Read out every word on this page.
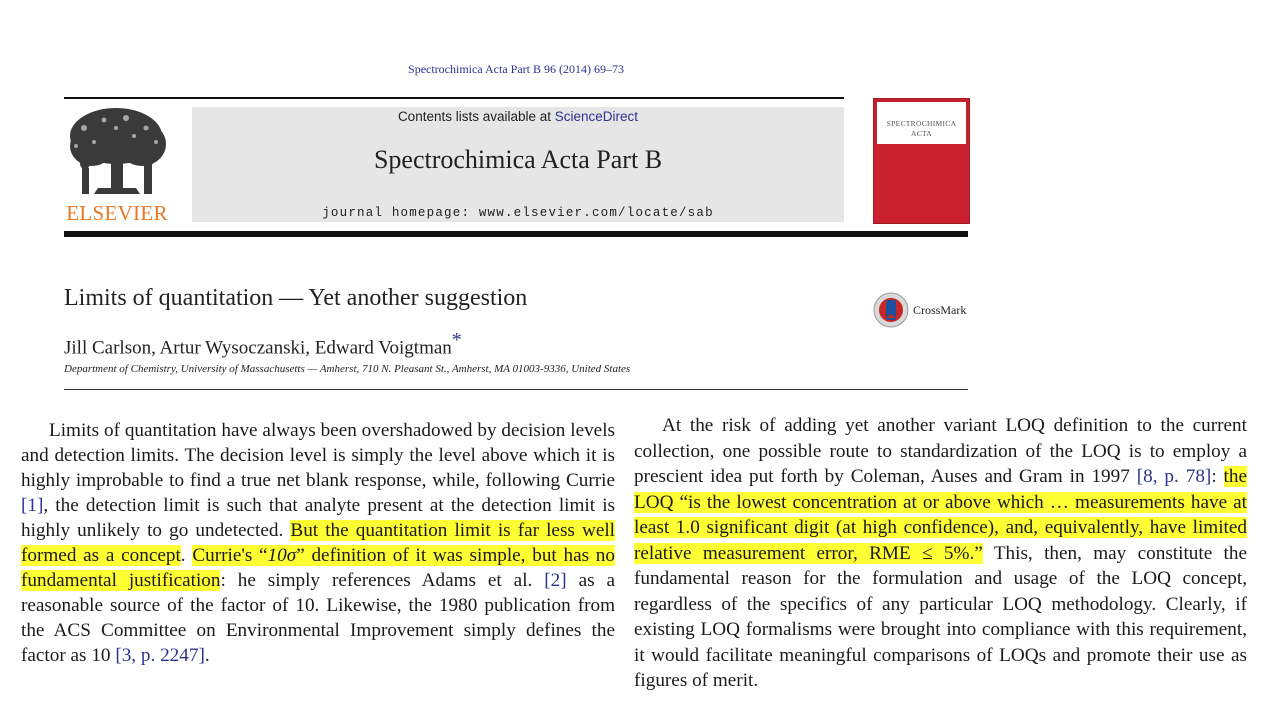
Spectrochimica Acta Part B 96 (2014) 69–73
ELSEVIER
Contents lists available at ScienceDirect
Spectrochimica Acta Part B
journal homepage: www.elsevier.com/locate/sab
SPECTROCHIMICA
ACTA
Limits of quantitation — Yet another suggestion	CrossMark
Jill Carlson, Artur Wysoczanski, Edward Voigtman*
Department of Chemistry, University of Massachusetts — Amherst, 710 N. Pleasant St., Amherst, MA 01003-9336, United States
Limits of quantitation have always been overshadowed by decision levels and detection limits. The decision level is simply the level above which it is highly improbable to find a true net blank response, while, following Currie [1], the detection limit is such that analyte present at the detection limit is highly unlikely to go undetected. But the quantitation limit is far less well formed as a concept. Currie's “10σ” definition of it was simple, but has no fundamental justification: he simply references Adams et al. [2] as a reasonable source of the factor of 10. Likewise, the 1980 publication from the ACS Committee on Environmental Improvement simply defines the factor as 10 [3, p. 2247].
At the risk of adding yet another variant LOQ definition to the current collection, one possible route to standardization of the LOQ is to employ a prescient idea put forth by Coleman, Auses and Gram in 1997 [8, p. 78]: the LOQ “is the lowest concentration at or above which … measurements have at least 1.0 significant digit (at high confidence), and, equivalently, have limited relative measurement error, RME ≤ 5%.” This, then, may constitute the fundamental reason for the formulation and usage of the LOQ concept, regardless of the specifics of any particular LOQ methodology. Clearly, if existing LOQ formalisms were brought into compliance with this requirement, it would facilitate meaningful comparisons of LOQs and promote their use as figures of merit.
